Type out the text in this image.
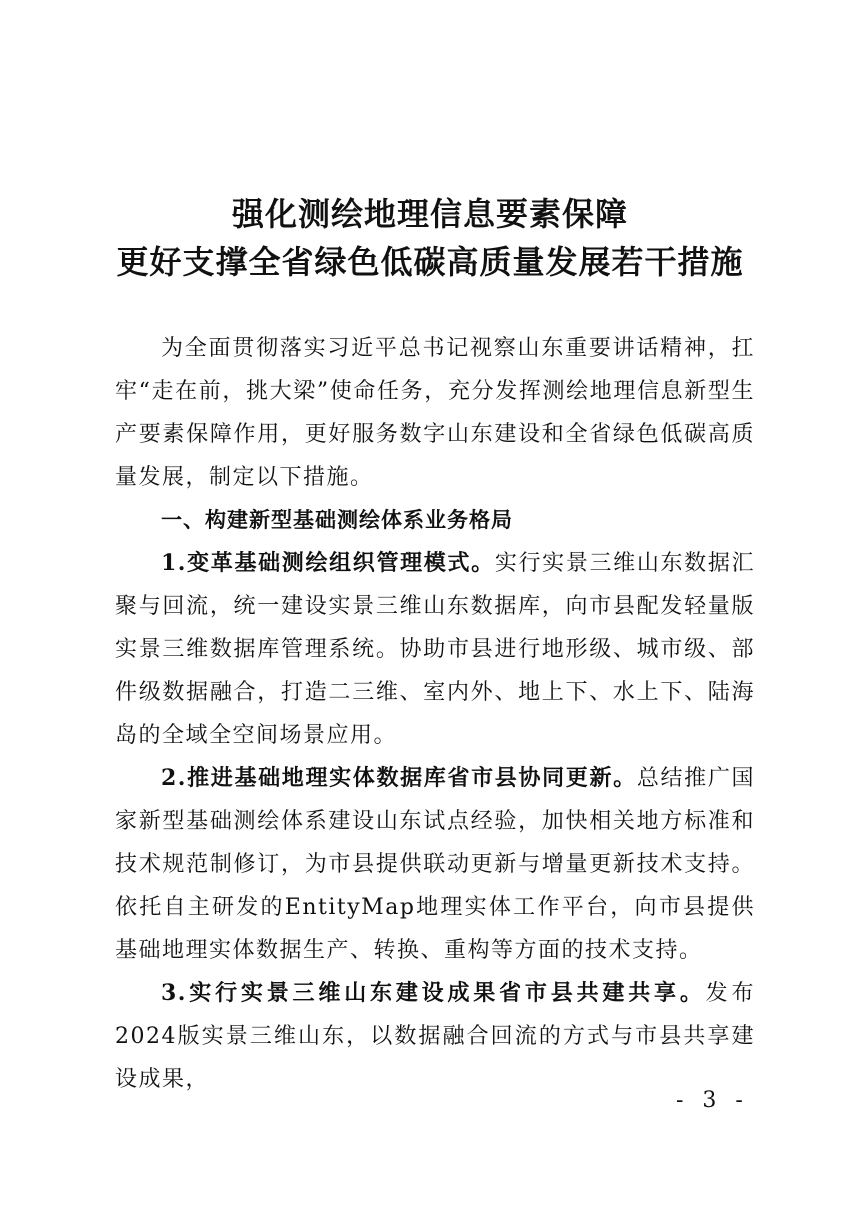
强化测绘地理信息要素保障
更好支撑全省绿色低碳高质量发展若干措施

为全面贯彻落实习近平总书记视察山东重要讲话精神，扛牢“走在前，挑大梁”使命任务，充分发挥测绘地理信息新型生产要素保障作用，更好服务数字山东建设和全省绿色低碳高质量发展，制定以下措施。

一、构建新型基础测绘体系业务格局

1.变革基础测绘组织管理模式。实行实景三维山东数据汇聚与回流，统一建设实景三维山东数据库，向市县配发轻量版实景三维数据库管理系统。协助市县进行地形级、城市级、部件级数据融合，打造二三维、室内外、地上下、水上下、陆海岛的全域全空间场景应用。

2.推进基础地理实体数据库省市县协同更新。总结推广国家新型基础测绘体系建设山东试点经验，加快相关地方标准和技术规范制修订，为市县提供联动更新与增量更新技术支持。依托自主研发的EntityMap地理实体工作平台，向市县提供基础地理实体数据生产、转换、重构等方面的技术支持。

3.实行实景三维山东建设成果省市县共建共享。发布2024版实景三维山东，以数据融合回流的方式与市县共享建设成果，

- 3 -
